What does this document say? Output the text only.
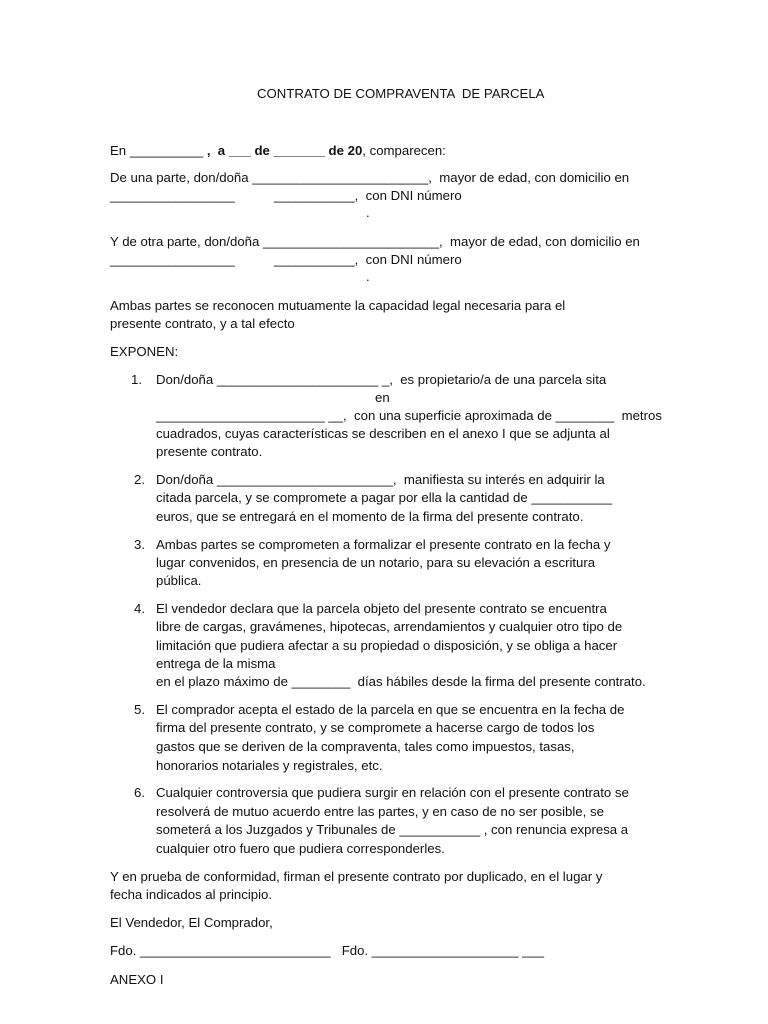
CONTRATO DE COMPRAVENTA  DE PARCELA

En __________ ,  a ___ de _______ de 20, comparecen:

De una parte, don/doña ________________________,  mayor de edad, con domicilio en

_________________	___________,  con DNI número

.

Y de otra parte, don/doña ________________________,  mayor de edad, con domicilio en

_________________	___________,  con DNI número

.

Ambas partes se reconocen mutuamente la capacidad legal necesaria para el

presente contrato, y a tal efecto

EXPONEN:

1. Don/doña ______________________ _,  es propietario/a de una parcela sita

en

_______________________ __,  con una superficie aproximada de ________  metros

cuadrados, cuyas características se describen en el anexo I que se adjunta al

presente contrato.

2. Don/doña ________________________,  manifiesta su interés en adquirir la

citada parcela, y se compromete a pagar por ella la cantidad de ___________

euros, que se entregará en el momento de la firma del presente contrato.

3. Ambas partes se comprometen a formalizar el presente contrato en la fecha y

lugar convenidos, en presencia de un notario, para su elevación a escritura

pública.

4. El vendedor declara que la parcela objeto del presente contrato se encuentra

libre de cargas, gravámenes, hipotecas, arrendamientos y cualquier otro tipo de

limitación que pudiera afectar a su propiedad o disposición, y se obliga a hacer

entrega de la misma

en el plazo máximo de ________  días hábiles desde la firma del presente contrato.

5. El comprador acepta el estado de la parcela en que se encuentra en la fecha de

firma del presente contrato, y se compromete a hacerse cargo de todos los

gastos que se deriven de la compraventa, tales como impuestos, tasas,

honorarios notariales y registrales, etc.

6. Cualquier controversia que pudiera surgir en relación con el presente contrato se

resolverá de mutuo acuerdo entre las partes, y en caso de no ser posible, se

someterá a los Juzgados y Tribunales de ___________ , con renuncia expresa a

cualquier otro fuero que pudiera corresponderles.

Y en prueba de conformidad, firman el presente contrato por duplicado, en el lugar y

fecha indicados al principio.

El Vendedor, El Comprador,

Fdo. __________________________   Fdo. ____________________ ___

ANEXO I
